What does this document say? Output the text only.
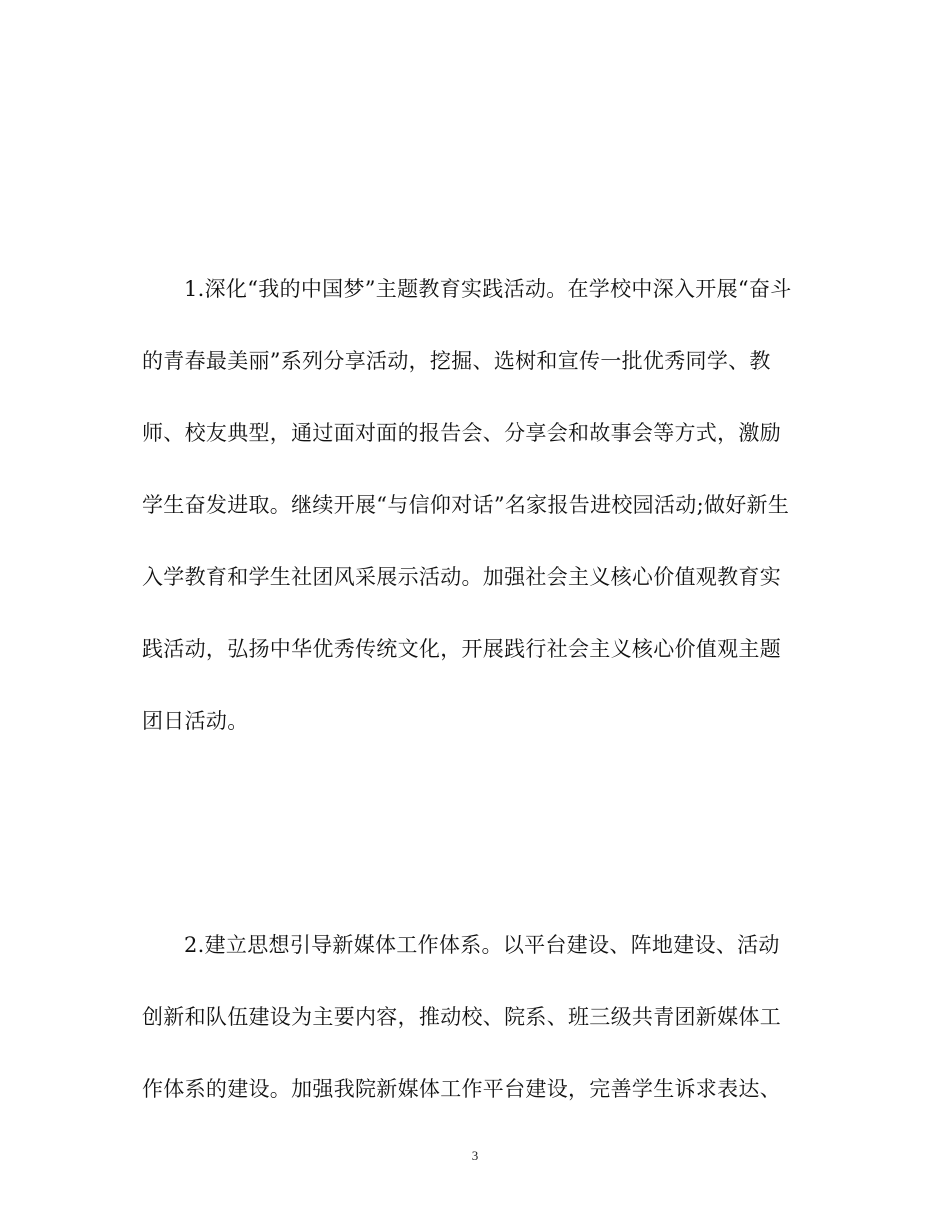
1.深化“我的中国梦”主题教育实践活动。在学校中深入开展“奋斗
的青春最美丽”系列分享活动，挖掘、选树和宣传一批优秀同学、教
师、校友典型，通过面对面的报告会、分享会和故事会等方式，激励
学生奋发进取。继续开展“与信仰对话”名家报告进校园活动;做好新生
入学教育和学生社团风采展示活动。加强社会主义核心价值观教育实
践活动，弘扬中华优秀传统文化，开展践行社会主义核心价值观主题
团日活动。
2.建立思想引导新媒体工作体系。以平台建设、阵地建设、活动
创新和队伍建设为主要内容，推动校、院系、班三级共青团新媒体工
作体系的建设。加强我院新媒体工作平台建设，完善学生诉求表达、
3
